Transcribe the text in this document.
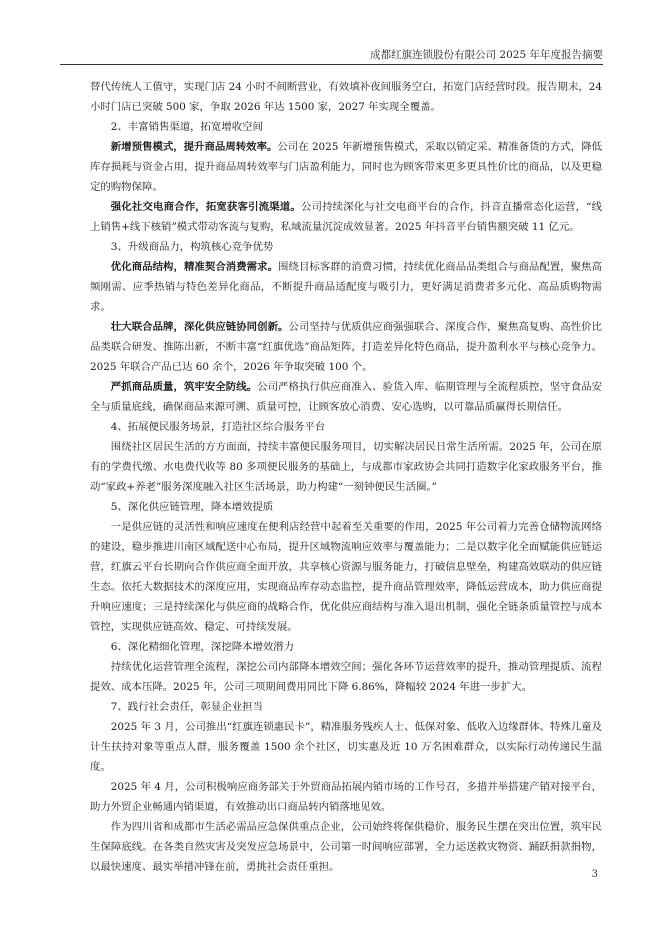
成都红旗连锁股份有限公司 2025 年年度报告摘要

替代传统人工值守，实现门店 24 小时不间断营业，有效填补夜间服务空白，拓宽门店经营时段。报告期末，24 小时门店已突破 500 家，争取 2026 年达 1500 家，2027 年实现全覆盖。

2、丰富销售渠道，拓宽增收空间

新增预售模式，提升商品周转效率。公司在 2025 年新增预售模式，采取以销定采、精准备货的方式，降低库存损耗与资金占用，提升商品周转效率与门店盈利能力，同时也为顾客带来更多更具性价比的商品，以及更稳定的购物保障。

强化社交电商合作，拓宽获客引流渠道。公司持续深化与社交电商平台的合作，抖音直播常态化运营，“线上销售+线下核销”模式带动客流与复购，私域流量沉淀成效显著。2025 年抖音平台销售额突破 11 亿元。

3、升级商品力，构筑核心竞争优势

优化商品结构，精准契合消费需求。围绕目标客群的消费习惯，持续优化商品品类组合与商品配置，聚焦高频刚需、应季热销与特色差异化商品，不断提升商品适配度与吸引力，更好满足消费者多元化、高品质购物需求。

壮大联合品牌，深化供应链协同创新。公司坚持与优质供应商强强联合、深度合作，聚焦高复购、高性价比品类联合研发、推陈出新，不断丰富“红旗优选”商品矩阵，打造差异化特色商品，提升盈利水平与核心竞争力。2025 年联合产品已达 60 余个，2026 年争取突破 100 个。

严抓商品质量，筑牢安全防线。公司严格执行供应商准入、验货入库、临期管理与全流程质控，坚守食品安全与质量底线，确保商品来源可溯、质量可控，让顾客放心消费、安心选购，以可靠品质赢得长期信任。

4、拓展便民服务场景，打造社区综合服务平台

围绕社区居民生活的方方面面，持续丰富便民服务项目，切实解决居民日常生活所需。2025 年，公司在原有的学费代缴、水电费代收等 80 多项便民服务的基础上，与成都市家政协会共同打造数字化家政服务平台，推动“家政+养老”服务深度融入社区生活场景，助力构建“一刻钟便民生活圈。”

5、深化供应链管理，降本增效提质

一是供应链的灵活性和响应速度在便利店经营中起着至关重要的作用，2025 年公司着力完善仓储物流网络的建设，稳步推进川南区域配送中心布局，提升区域物流响应效率与覆盖能力；二是以数字化全面赋能供应链运营，红旗云平台长期向合作供应商全面开放，共享核心资源与服务能力，打破信息壁垒，构建高效联动的供应链生态。依托大数据技术的深度应用，实现商品库存动态监控，提升商品管理效率，降低运营成本，助力供应商提升响应速度；三是持续深化与供应商的战略合作，优化供应商结构与准入退出机制，强化全链条质量管控与成本管控，实现供应链高效、稳定、可持续发展。

6、深化精细化管理，深挖降本增效潜力

持续优化运营管理全流程，深挖公司内部降本增效空间；强化各环节运营效率的提升，推动管理提质、流程提效、成本压降。2025 年，公司三项期间费用同比下降 6.86%，降幅较 2024 年进一步扩大。

7、践行社会责任，彰显企业担当

2025 年 3 月，公司推出“红旗连锁惠民卡”，精准服务残疾人士、低保对象、低收入边缘群体、特殊儿童及计生扶持对象等重点人群，服务覆盖 1500 余个社区，切实惠及近 10 万名困难群众，以实际行动传递民生温度。

2025 年 4 月，公司积极响应商务部关于外贸商品拓展内销市场的工作号召，多措并举搭建产销对接平台，助力外贸企业畅通内销渠道，有效推动出口商品转内销落地见效。

作为四川省和成都市生活必需品应急保供重点企业，公司始终将保供稳价、服务民生摆在突出位置，筑牢民生保障底线。在各类自然灾害及突发应急场景中，公司第一时间响应部署，全力运送救灾物资、踊跃捐款捐物，以最快速度、最实举措冲锋在前，勇挑社会责任重担。

3
